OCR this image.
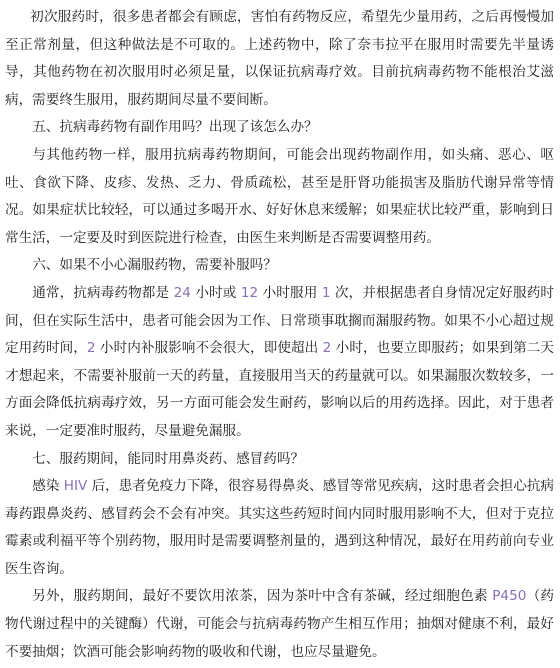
初次服药时，很多患者都会有顾虑，害怕有药物反应，希望先少量用药，之后再慢慢加至正常剂量，但这种做法是不可取的。上述药物中，除了奈韦拉平在服用时需要先半量诱导，其他药物在初次服用时必须足量，以保证抗病毒疗效。目前抗病毒药物不能根治艾滋病，需要终生服用，服药期间尽量不要间断。

五、抗病毒药物有副作用吗？出现了该怎么办？

与其他药物一样，服用抗病毒药物期间，可能会出现药物副作用，如头痛、恶心、呕吐、食欲下降、皮疹、发热、乏力、骨质疏松，甚至是肝肾功能损害及脂肪代谢异常等情况。如果症状比较轻，可以通过多喝开水、好好休息来缓解；如果症状比较严重，影响到日常生活，一定要及时到医院进行检查，由医生来判断是否需要调整用药。

六、如果不小心漏服药物，需要补服吗？

通常，抗病毒药物都是 24 小时或 12 小时服用 1 次，并根据患者自身情况定好服药时间，但在实际生活中，患者可能会因为工作、日常琐事耽搁而漏服药物。如果不小心超过规定用药时间，2 小时内补服影响不会很大，即使超出 2 小时，也要立即服药；如果到第二天才想起来，不需要补服前一天的药量，直接服用当天的药量就可以。如果漏服次数较多，一方面会降低抗病毒疗效，另一方面可能会发生耐药，影响以后的用药选择。因此，对于患者来说，一定要准时服药，尽量避免漏服。

七、服药期间，能同时用鼻炎药、感冒药吗？

感染 HIV 后，患者免疫力下降，很容易得鼻炎、感冒等常见疾病，这时患者会担心抗病毒药跟鼻炎药、感冒药会不会有冲突。其实这些药短时间内同时服用影响不大，但对于克拉霉素或利福平等个别药物，服用时是需要调整剂量的，遇到这种情况，最好在用药前向专业医生咨询。

另外，服药期间，最好不要饮用浓茶，因为茶叶中含有茶碱，经过细胞色素 P450（药物代谢过程中的关键酶）代谢，可能会与抗病毒药物产生相互作用；抽烟对健康不利，最好不要抽烟；饮酒可能会影响药物的吸收和代谢，也应尽量避免。
